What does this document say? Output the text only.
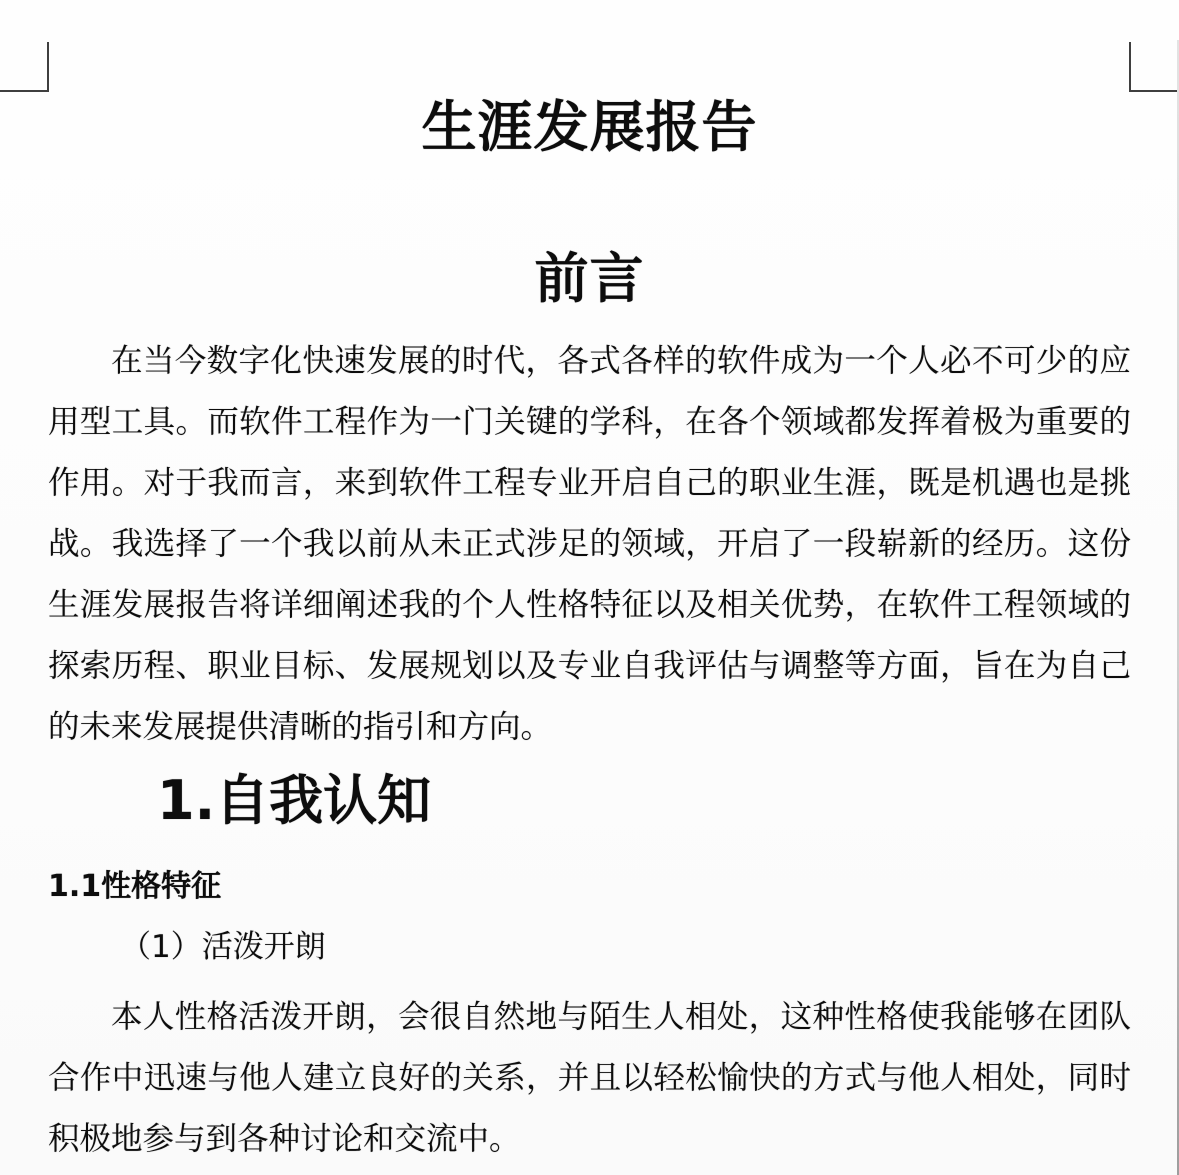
生涯发展报告
前言
在当今数字化快速发展的时代，各式各样的软件成为一个人必不可少的应
用型工具。而软件工程作为一门关键的学科，在各个领域都发挥着极为重要的
作用。对于我而言，来到软件工程专业开启自己的职业生涯，既是机遇也是挑
战。我选择了一个我以前从未正式涉足的领域，开启了一段崭新的经历。这份
生涯发展报告将详细阐述我的个人性格特征以及相关优势，在软件工程领域的
探索历程、职业目标、发展规划以及专业自我评估与调整等方面，旨在为自己
的未来发展提供清晰的指引和方向。
1.自我认知
1.1性格特征
（1）活泼开朗
本人性格活泼开朗，会很自然地与陌生人相处，这种性格使我能够在团队
合作中迅速与他人建立良好的关系，并且以轻松愉快的方式与他人相处，同时
积极地参与到各种讨论和交流中。
